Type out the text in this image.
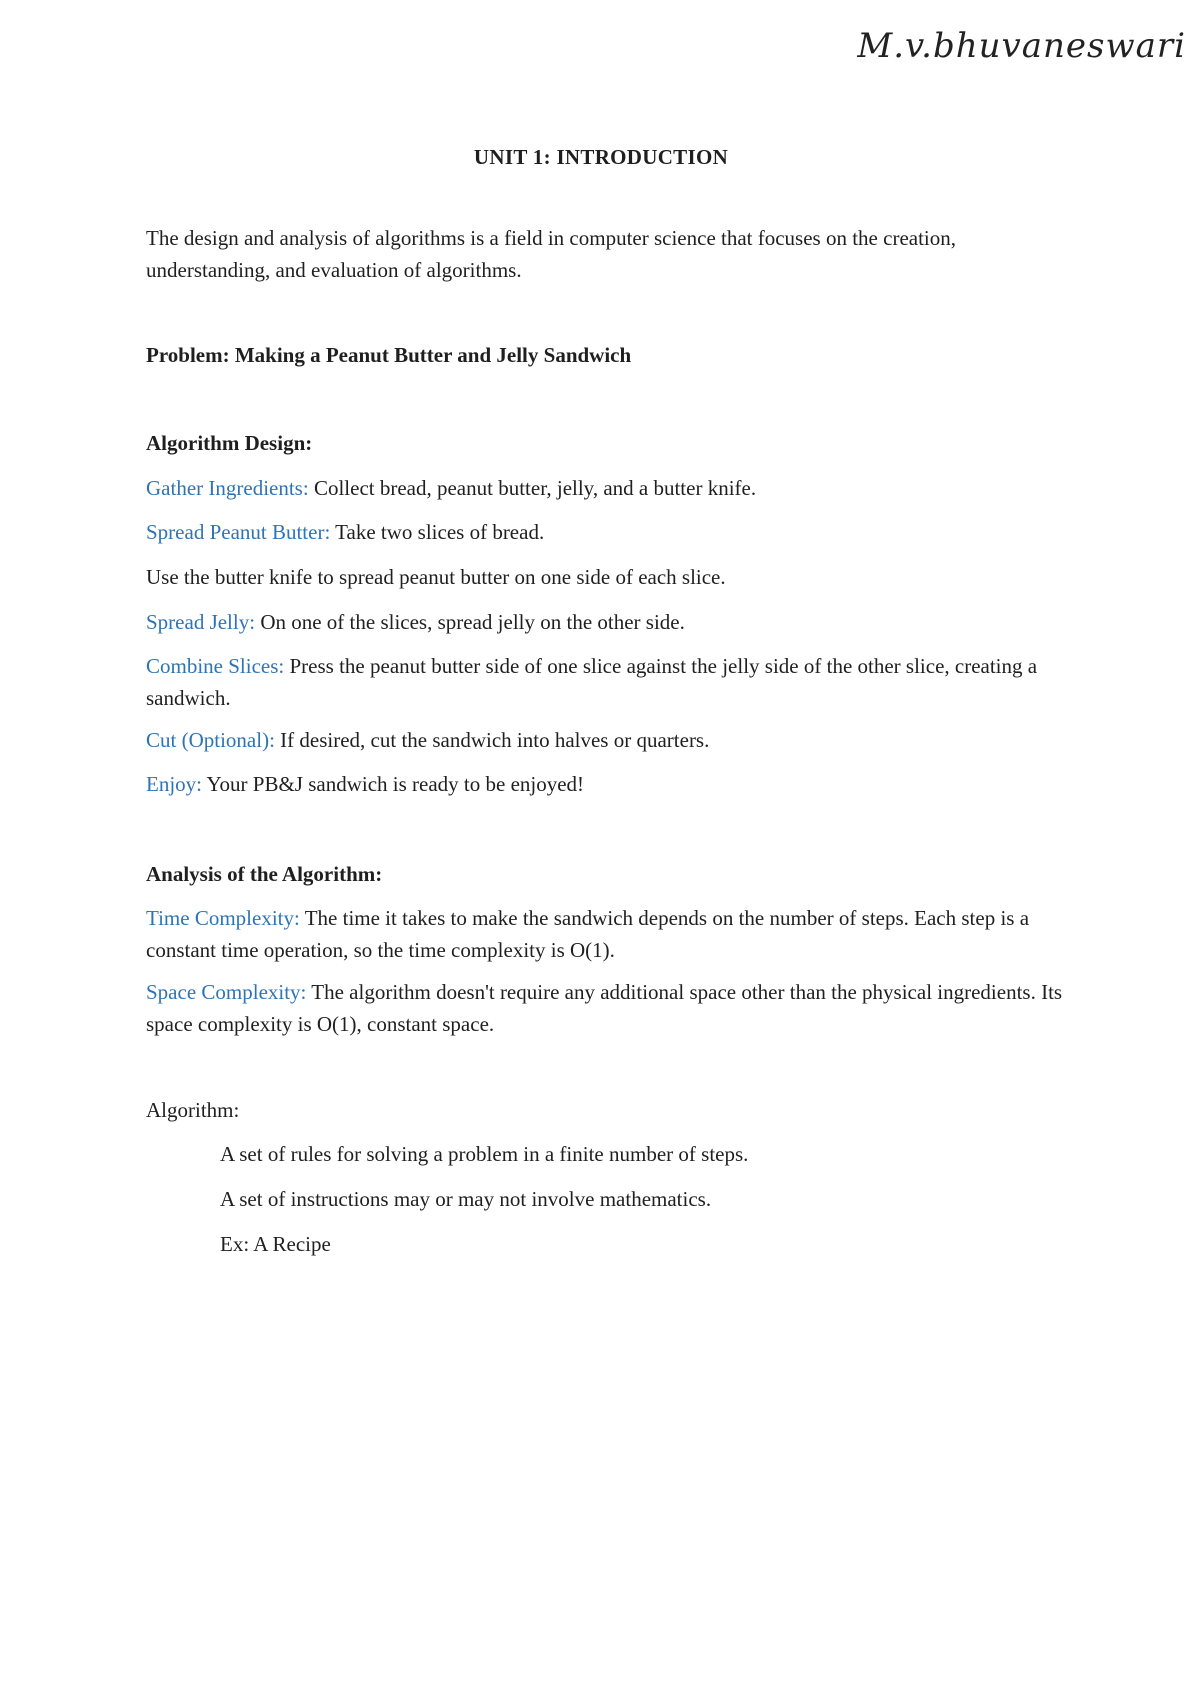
M.v.bhuvaneswari
UNIT 1: INTRODUCTION

The design and analysis of algorithms is a field in computer science that focuses on the creation, understanding, and evaluation of algorithms.

Problem: Making a Peanut Butter and Jelly Sandwich

Algorithm Design:

Gather Ingredients: Collect bread, peanut butter, jelly, and a butter knife.

Spread Peanut Butter: Take two slices of bread.

Use the butter knife to spread peanut butter on one side of each slice.

Spread Jelly: On one of the slices, spread jelly on the other side.

Combine Slices: Press the peanut butter side of one slice against the jelly side of the other slice, creating a sandwich.

Cut (Optional): If desired, cut the sandwich into halves or quarters.

Enjoy: Your PB&J sandwich is ready to be enjoyed!

Analysis of the Algorithm:

Time Complexity: The time it takes to make the sandwich depends on the number of steps. Each step is a constant time operation, so the time complexity is O(1).

Space Complexity: The algorithm doesn't require any additional space other than the physical ingredients. Its space complexity is O(1), constant space.

Algorithm:

A set of rules for solving a problem in a finite number of steps.

A set of instructions may or may not involve mathematics.

Ex: A Recipe
